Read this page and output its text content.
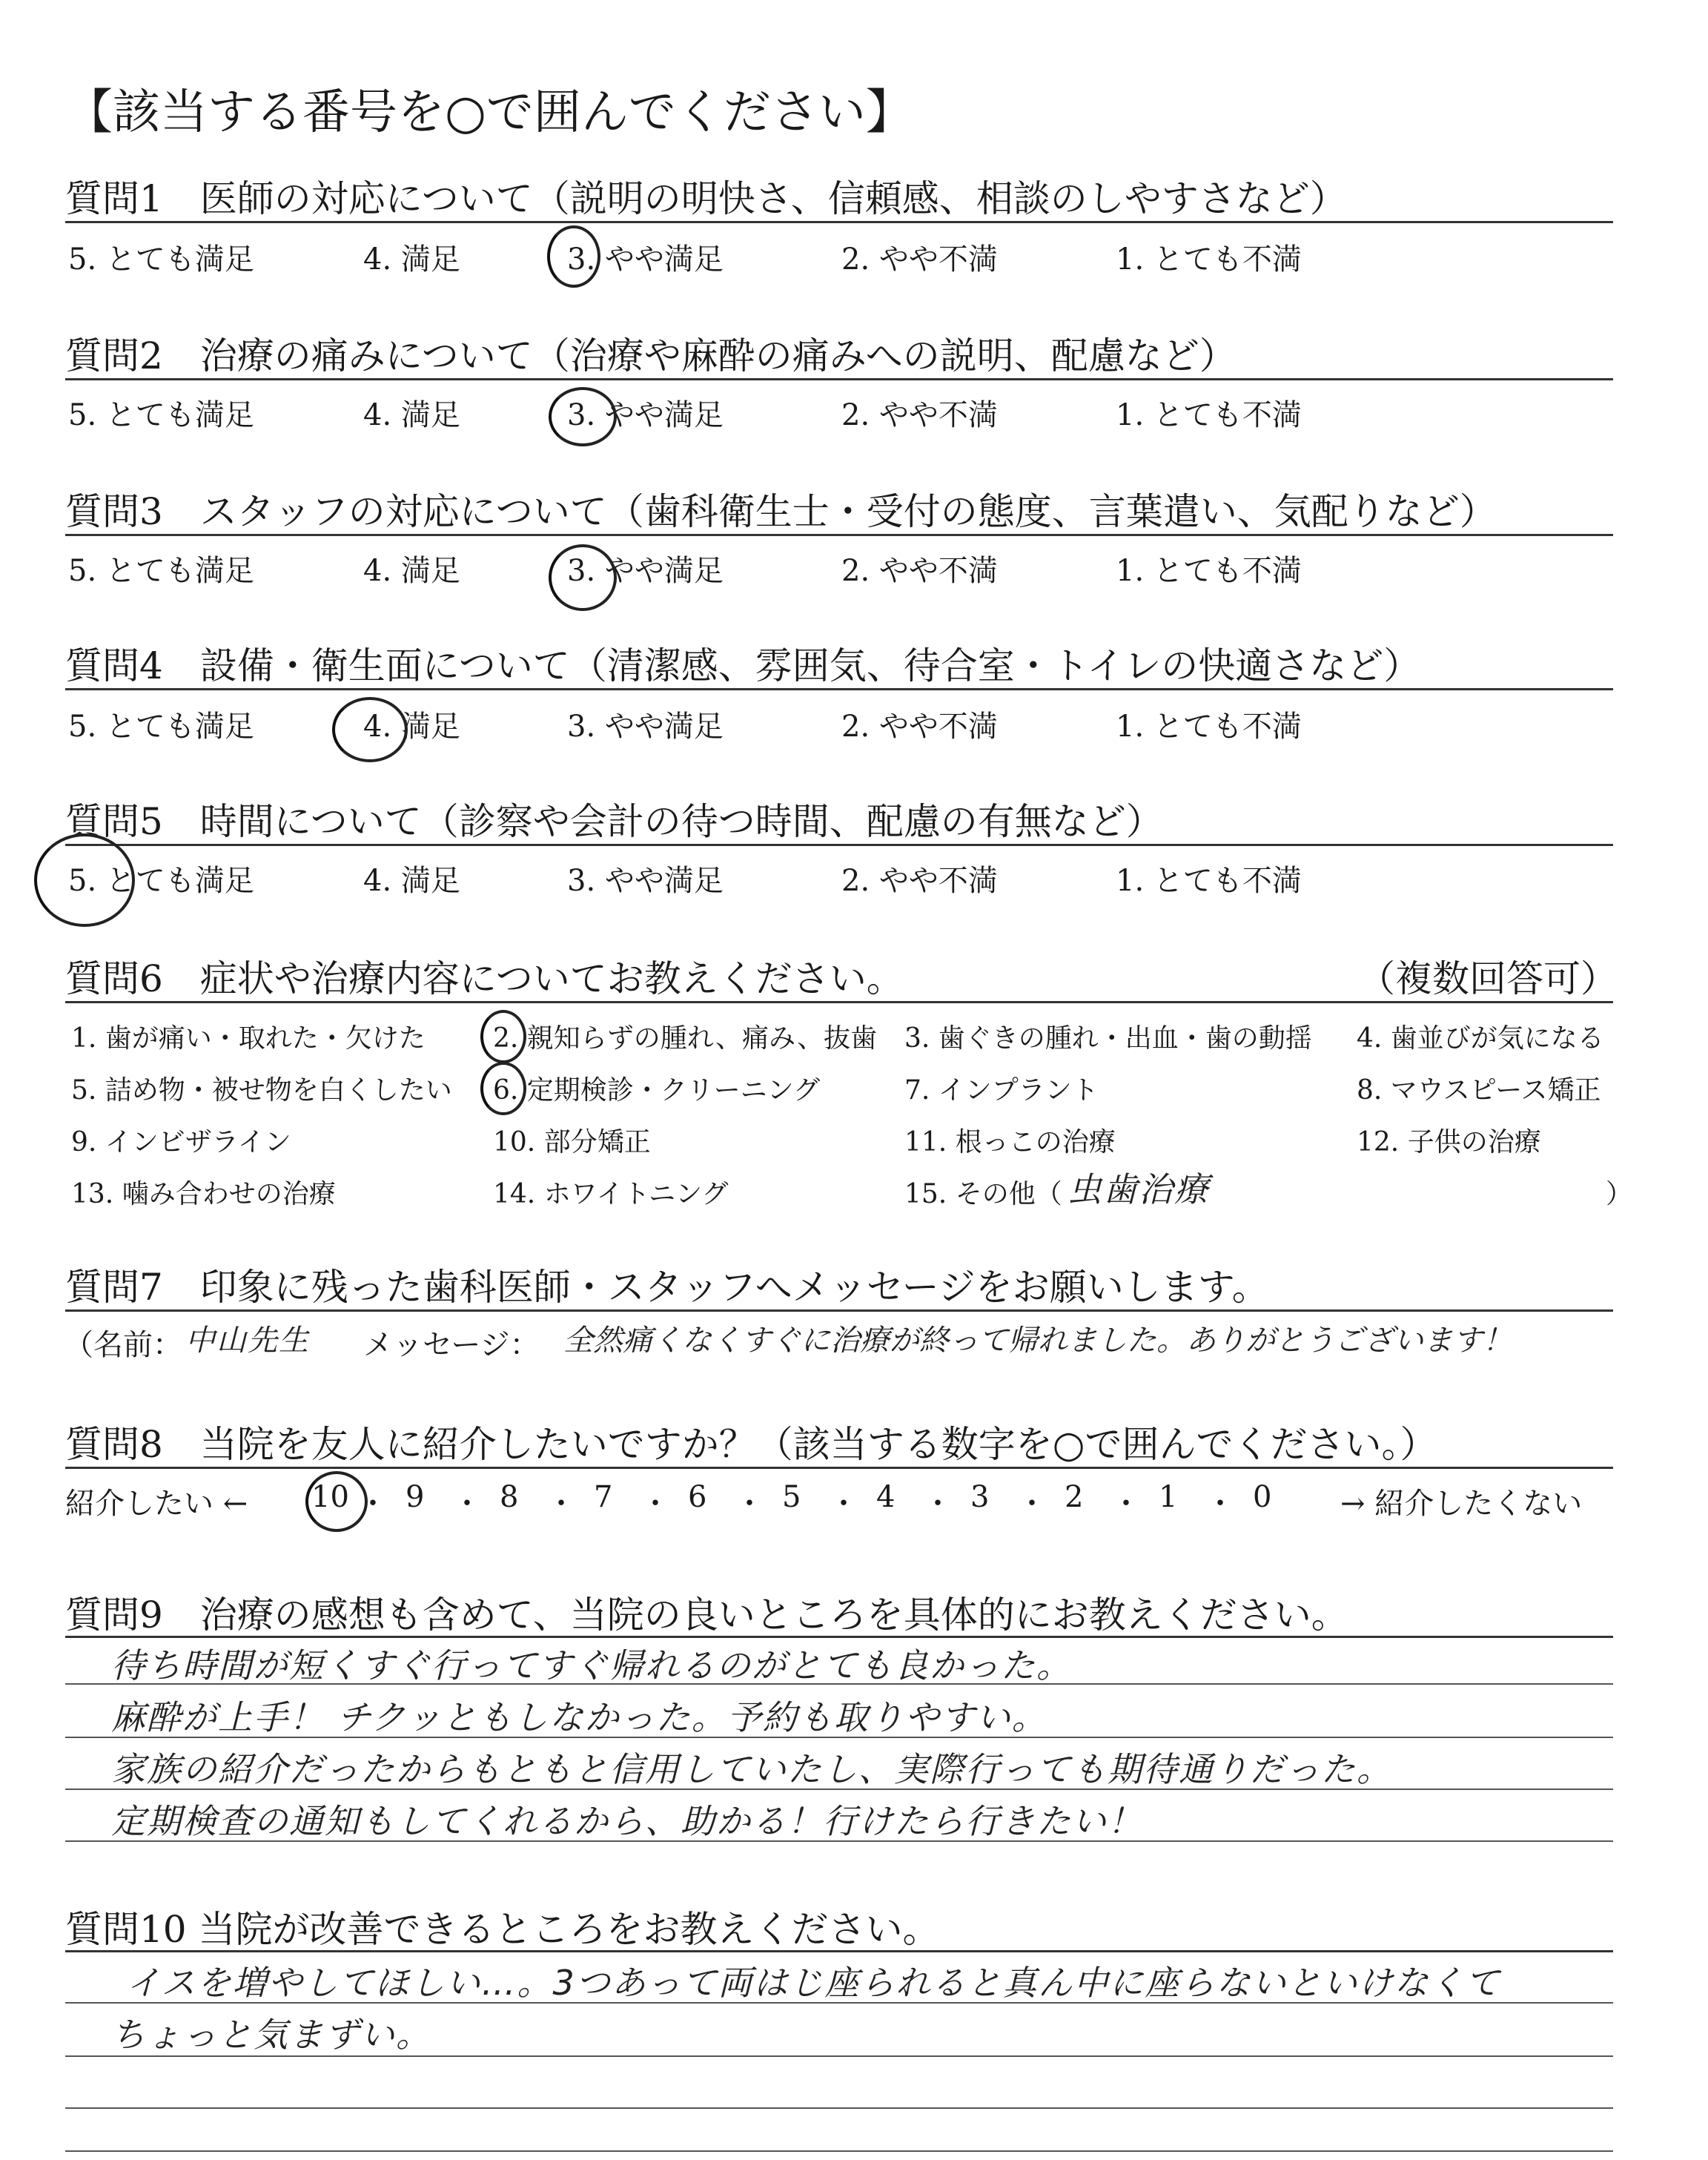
【該当する番号を○で囲んでください】
質問1　医師の対応について（説明の明快さ、信頼感、相談のしやすさなど）
5. とても満足	4. 満足	3. やや満足	2. やや不満	1. とても不満
質問2　治療の痛みについて（治療や麻酔の痛みへの説明、配慮など）
5. とても満足	4. 満足	3. やや満足	2. やや不満	1. とても不満
質問3　スタッフの対応について（歯科衛生士・受付の態度、言葉遣い、気配りなど）
5. とても満足	4. 満足	3. やや満足	2. やや不満	1. とても不満
質問4　設備・衛生面について（清潔感、雰囲気、待合室・トイレの快適さなど）
5. とても満足	4. 満足	3. やや満足	2. やや不満	1. とても不満
質問5　時間について（診察や会計の待つ時間、配慮の有無など）
5. とても満足	4. 満足	3. やや満足	2. やや不満	1. とても不満
質問6　症状や治療内容についてお教えください。	（複数回答可）
1. 歯が痛い・取れた・欠けた	2. 親知らずの腫れ、痛み、抜歯 3. 歯ぐきの腫れ・出血・歯の動揺 4. 歯並びが気になる
5. 詰め物・被せ物を白くしたい 6. 定期検診・クリーニング	7. インプラント	8. マウスピース矯正
9. インビザライン	10. 部分矯正	11. 根っこの治療	12. 子供の治療
13. 噛み合わせの治療	14. ホワイトニング	15. その他（ 虫歯治療	）
質問7　印象に残った歯科医師・スタッフへメッセージをお願いします。
（名前： 中山先生 メッセージ： 全然痛くなくすぐに治療が終って帰れました。ありがとうございます！
質問8　当院を友人に紹介したいですか？（該当する数字を○で囲んでください。）
紹介したい ← 10 ・ 9 ・ 8 ・ 7 ・ 6 ・ 5 ・ 4 ・ 3 ・ 2 ・ 1 ・ 0 → 紹介したくない
質問9　治療の感想も含めて、当院の良いところを具体的にお教えください。
待ち時間が短くすぐ行ってすぐ帰れるのがとても良かった。
麻酔が上手！ チクッともしなかった。予約も取りやすい。
家族の紹介だったからもともと信用していたし、実際行っても期待通りだった。
定期検査の通知もしてくれるから、助かる！行けたら行きたい！
質問10 当院が改善できるところをお教えください。
イスを増やしてほしい…。3つあって両はじ座られると真ん中に座らないといけなくて
ちょっと気まずい。
